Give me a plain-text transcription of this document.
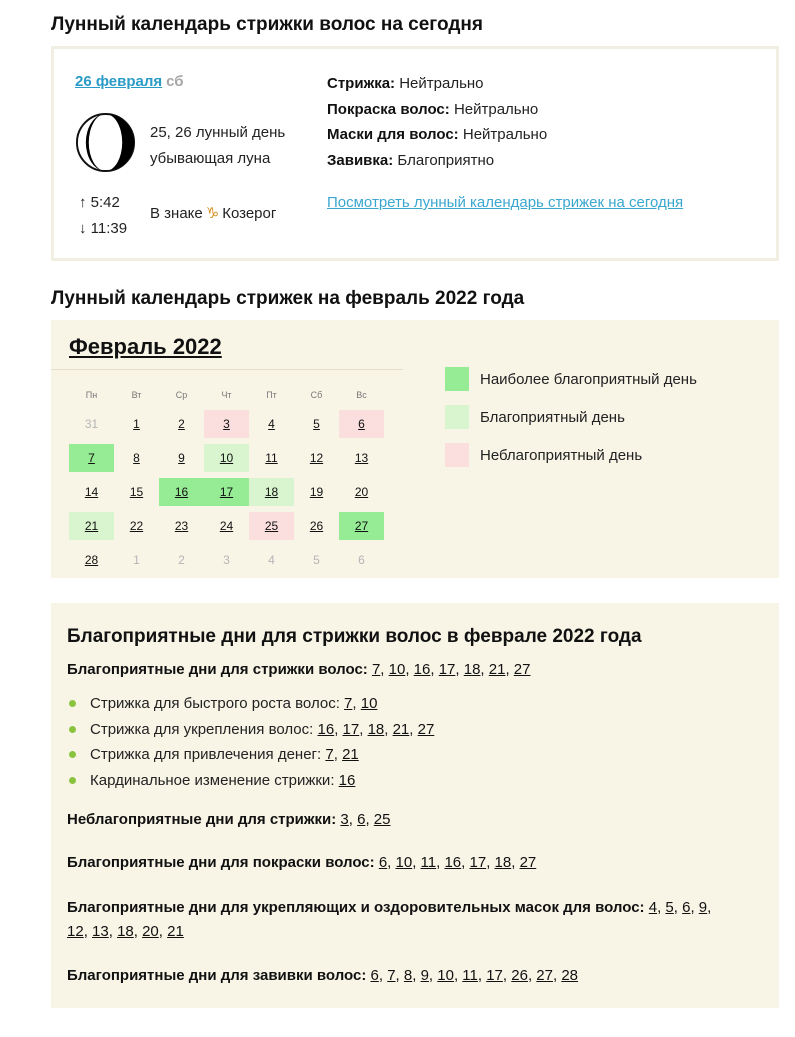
Лунный календарь стрижки волос на сегодня
26 февраля сб
25, 26 лунный день
убывающая луна
↑ 5:42
↓ 11:39
В знаке ♑ Козерог
Стрижка: Нейтрально
Покраска волос: Нейтрально
Маски для волос: Нейтрально
Завивка: Благоприятно
Посмотреть лунный календарь стрижек на сегодня
Лунный календарь стрижек на февраль 2022 года
Февраль 2022
Пн	Вт	Ср	Чт	Пт	Сб	Вс
31	1	2	3	4	5	6
7	8	9	10	11	12	13
14	15	16	17	18	19	20
21	22	23	24	25	26	27
28	1	2	3	4	5	6
Наиболее благоприятный день
Благоприятный день
Неблагоприятный день
Благоприятные дни для стрижки волос в феврале 2022 года
Благоприятные дни для стрижки волос: 7, 10, 16, 17, 18, 21, 27
Стрижка для быстрого роста волос:
7, 10
Стрижка для укрепления волос:
16, 17, 18, 21, 27
Стрижка для привлечения денег:
7, 21
Кардинальное изменение стрижки:
16
Неблагоприятные дни для стрижки: 3, 6, 25
Благоприятные дни для покраски волос: 6, 10, 11, 16, 17, 18, 27
Благоприятные дни для укрепляющих и оздоровительных масок для волос: 4, 5, 6, 9,
12, 13, 18, 20, 21
Благоприятные дни для завивки волос: 6, 7, 8, 9, 10, 11, 17, 26, 27, 28
